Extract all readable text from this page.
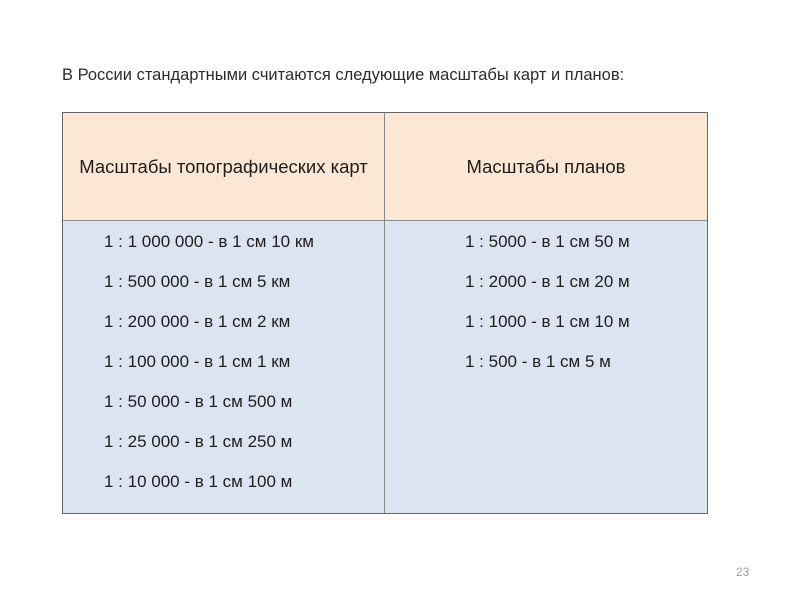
В России стандартными считаются следующие масштабы карт и планов:
Масштабы топографических карт	Масштабы планов
1 : 1 000 000 - в 1 см 10 км
1 : 500 000 - в 1 см 5 км
1 : 200 000 - в 1 см 2 км
1 : 100 000 - в 1 см 1 км
1 : 50 000 - в 1 см 500 м
1 : 25 000 - в 1 см 250 м
1 : 10 000 - в 1 см 100 м
1 : 5000 - в 1 см 50 м
1 : 2000 - в 1 см 20 м
1 : 1000 - в 1 см 10 м
1 : 500 - в 1 см 5 м
23
